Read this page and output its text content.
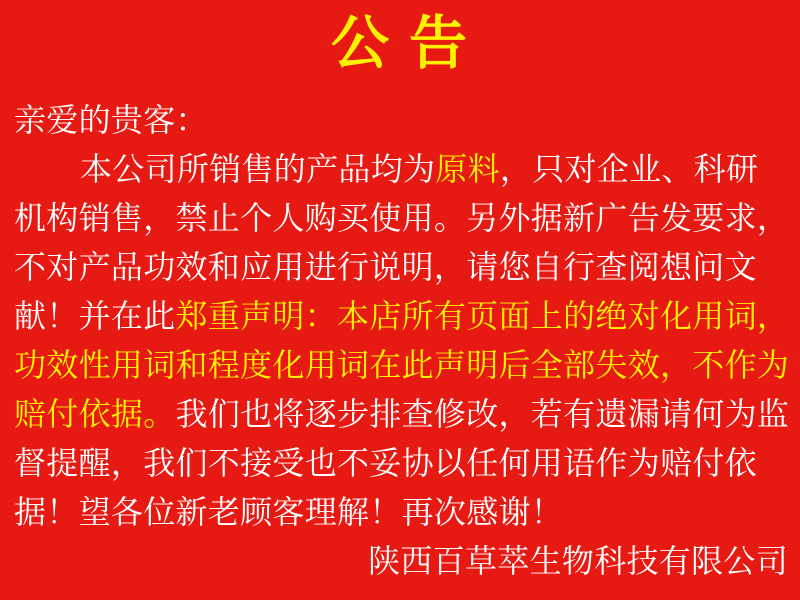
公 告
亲爱的贵客：
本公司所销售的产品均为原料，只对企业、科研
机构销售，禁止个人购买使用。另外据新广告发要求，
不对产品功效和应用进行说明，请您自行查阅想问文
献！并在此郑重声明：本店所有页面上的绝对化用词，
功效性用词和程度化用词在此声明后全部失效，不作为
赔付依据。我们也将逐步排查修改，若有遗漏请何为监
督提醒，我们不接受也不妥协以任何用语作为赔付依
据！望各位新老顾客理解！再次感谢！
陕西百草萃生物科技有限公司
